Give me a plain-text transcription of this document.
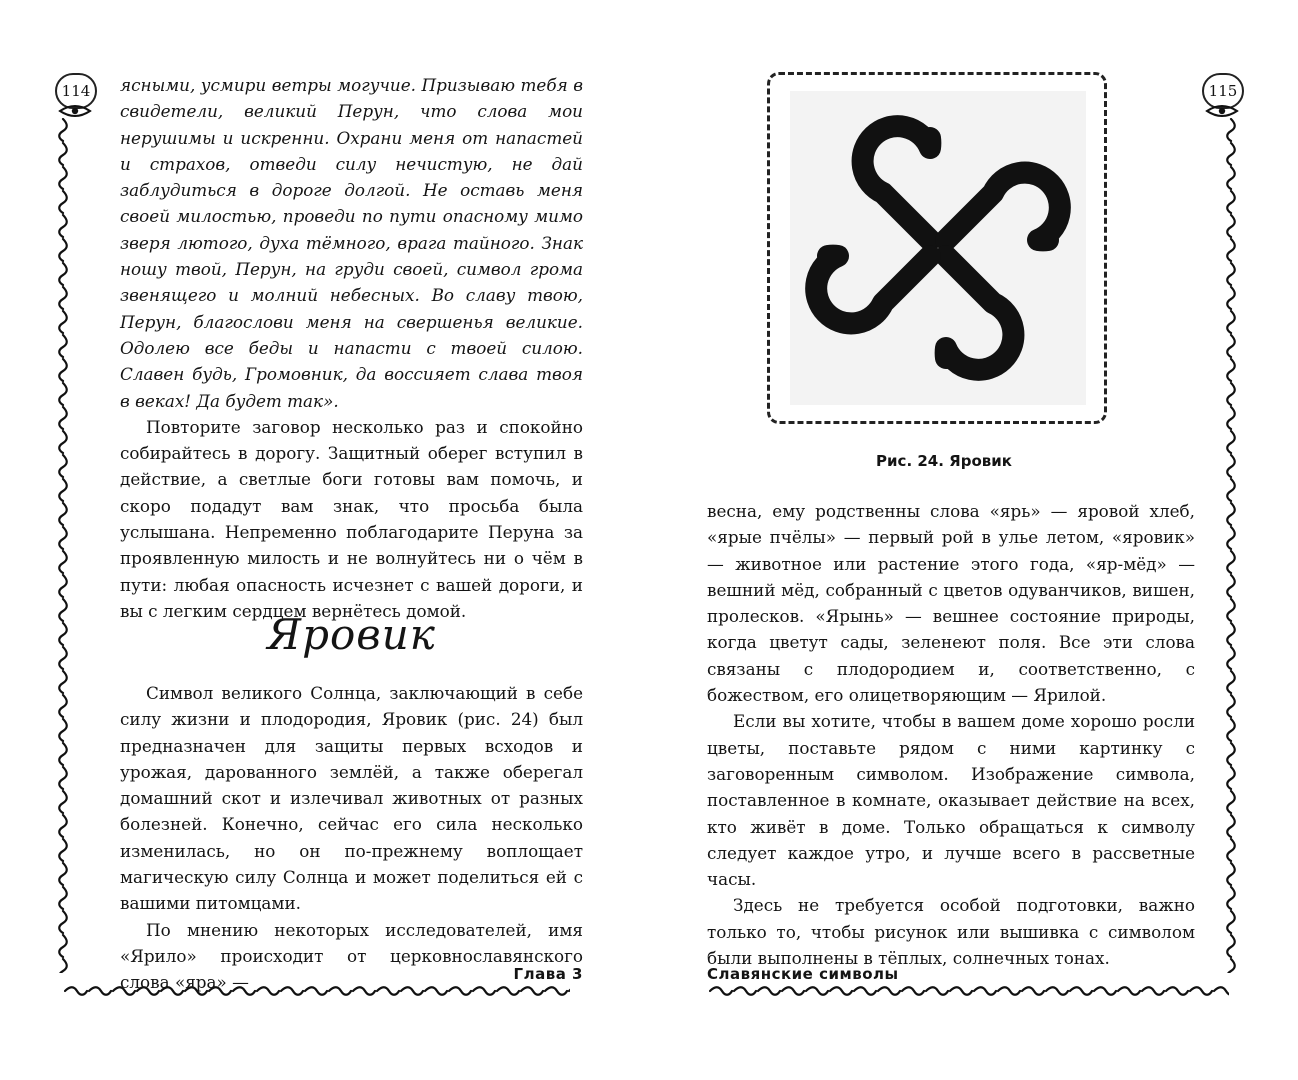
114	ясными, усмири ветры могучие. Призываю тебя в свидетели, великий Перун, что слова мои нерушимы и искренни. Охрани меня от напастей и страхов, отведи силу нечистую, не дай заблудиться в дороге долгой. Не оставь меня своей милостью, проведи по пути опасному мимо зверя лютого, духа тёмного, врага тайного. Знак ношу твой, Перун, на груди своей, символ грома звенящего и молний небесных. Во славу твою, Перун, благослови меня на свершенья великие. Одолею все беды и напасти с твоей силою. Славен будь, Громовник, да воссияет слава твоя в веках! Да будет так».

Повторите заговор несколько раз и спокойно собирайтесь в дорогу. Защитный оберег вступил в действие, а светлые боги готовы вам помочь, и скоро подадут вам знак, что просьба была услышана. Непременно поблагодарите Перуна за проявленную милость и не волнуйтесь ни о чём в пути: любая опасность исчезнет с вашей дороги, и вы с легким сердцем вернётесь домой.

Яровик

Символ великого Солнца, заключающий в себе силу жизни и плодородия, Яровик (рис. 24) был предназначен для защиты первых всходов и урожая, дарованного землёй, а также оберегал домашний скот и излечивал животных от разных болезней. Конечно, сейчас его сила несколько изменилась, но он по-прежнему воплощает магическую силу Солнца и может поделиться ей с вашими питомцами.

По мнению некоторых исследователей, имя «Ярило» происходит от церковнославянского слова «яра» —	Глава 3
115
Рис. 24. Яровик

весна, ему родственны слова «ярь» — яровой хлеб, «ярые пчёлы» — первый рой в улье летом, «яровик» — животное или растение этого года, «яр-мёд» — вешний мёд, собранный с цветов одуванчиков, вишен, пролесков. «Ярынь» — вешнее состояние природы, когда цветут сады, зеленеют поля. Все эти слова связаны с плодородием и, соответственно, с божеством, его олицетворяющим — Ярилой.

Если вы хотите, чтобы в вашем доме хорошо росли цветы, поставьте рядом с ними картинку с заговоренным символом. Изображение символа, поставленное в комнате, оказывает действие на всех, кто живёт в доме. Только обращаться к символу следует каждое утро, и лучше всего в рассветные часы.

Здесь не требуется особой подготовки, важно только то, чтобы рисунок или вышивка с символом были выполнены в тёплых, солнечных тонах.

Славянские символы
